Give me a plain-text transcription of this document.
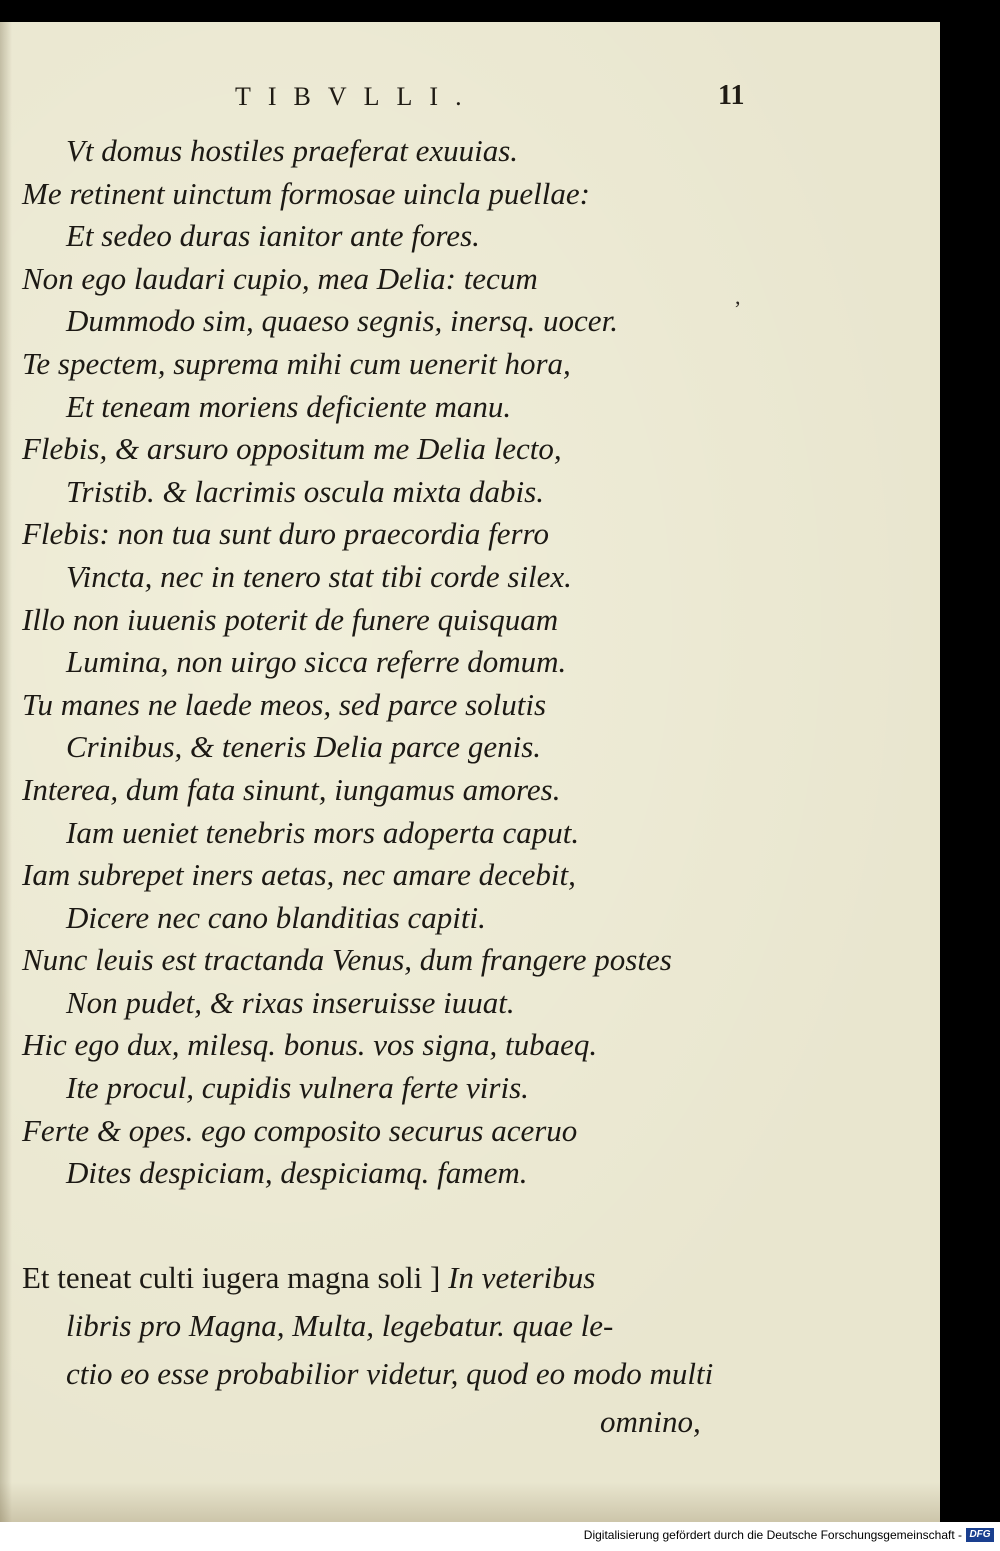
TIBVLLI.	11
Vt domus hostiles praeferat exuuias.
Me retinent uinctum formosae uincla puellae:
Et sedeo duras ianitor ante fores.
Non ego laudari cupio, mea Delia: tecum
Dummodo sim, quaeso segnis, inersq. uocer.
Te spectem, suprema mihi cum uenerit hora,
Et teneam moriens deficiente manu.
Flebis, & arsuro oppositum me Delia lecto,
Tristib. & lacrimis oscula mixta dabis.
Flebis: non tua sunt duro praecordia ferro
Vincta, nec in tenero stat tibi corde silex.
Illo non iuuenis poterit de funere quisquam
Lumina, non uirgo sicca referre domum.
Tu manes ne laede meos, sed parce solutis
Crinibus, & teneris Delia parce genis.
Interea, dum fata sinunt, iungamus amores.
Iam ueniet tenebris mors adoperta caput.
Iam subrepet iners aetas, nec amare decebit,
Dicere nec cano blanditias capiti.
Nunc leuis est tractanda Venus, dum frangere postes
Non pudet, & rixas inseruisse iuuat.
Hic ego dux, milesq. bonus. vos signa, tubaeq.
Ite procul, cupidis vulnera ferte viris.
Ferte & opes. ego composito securus aceruo
Dites despiciam, despiciamq. famem.
,
Et teneat culti iugera magna soli ] In veteribus
libris pro Magna, Multa, legebatur. quae le-
ctio eo esse probabilior videtur, quod eo modo multi
omnino,
Digitalisierung gefördert durch die Deutsche Forschungsgemeinschaft - DFG
